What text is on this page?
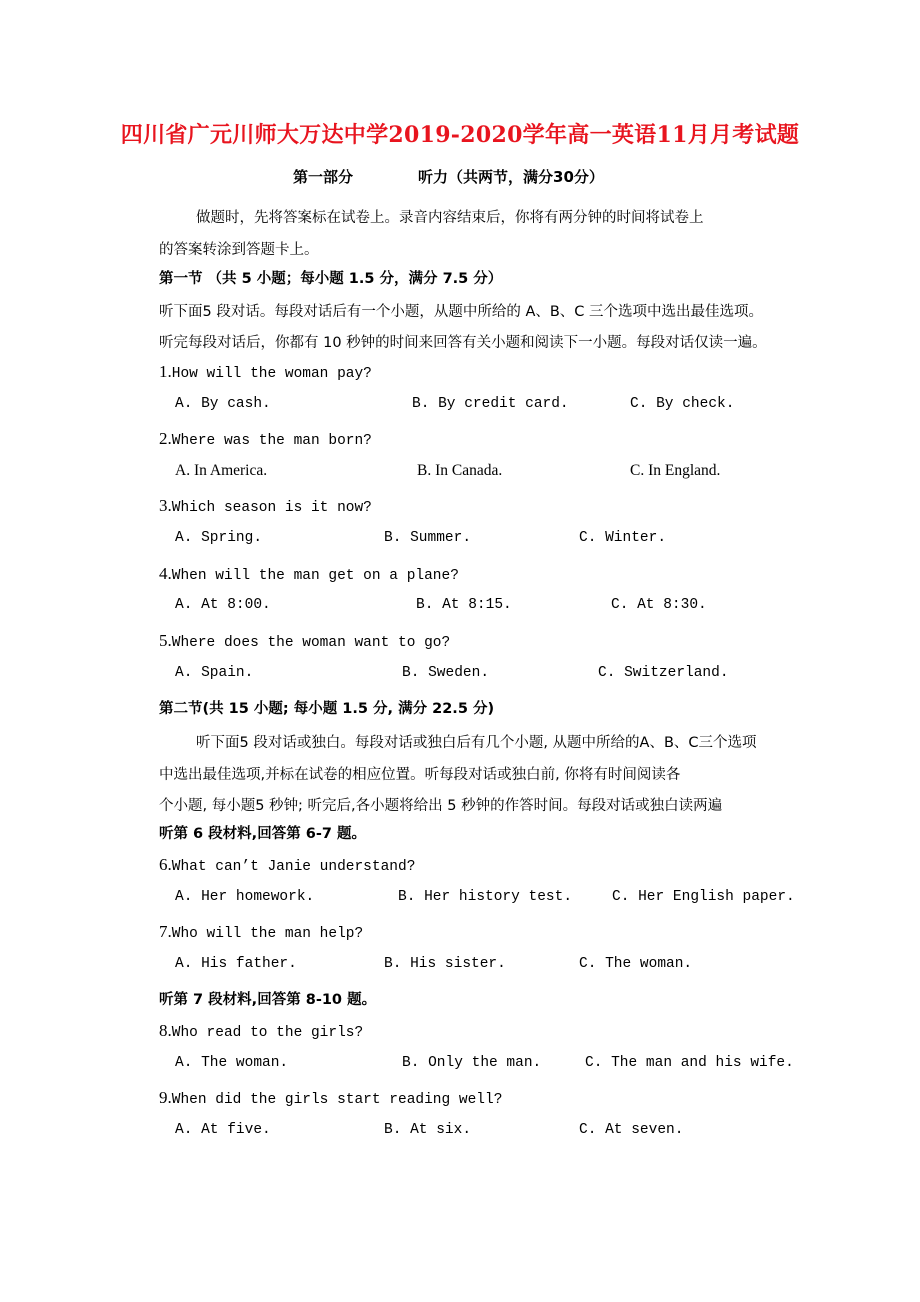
四川省广元川师大万达中学2019-2020学年高一英语11月月考试题
第一部分	听力（共两节，满分30分）
做题时，先将答案标在试卷上。录音内容结束后，你将有两分钟的时间将试卷上
的答案转涂到答题卡上。
第一节 （共 5 小题；每小题 1.5 分，满分 7.5 分）
听下面5 段对话。每段对话后有一个小题，从题中所给的 A、B、C 三个选项中选出最佳选项。
听完每段对话后，你都有 10 秒钟的时间来回答有关小题和阅读下一小题。每段对话仅读一遍。
1.How will the woman pay?
A. By cash.	B. By credit card.	C. By check.
2.Where was the man born?
A. In America.	B. In Canada.	C. In England.
3.Which season is it now?
A. Spring.	B. Summer.	C. Winter.
4.When will the man get on a plane?
A. At 8:00.	B. At 8:15.	C. At 8:30.
5.Where does the woman want to go?
A. Spain.	B. Sweden.	C. Switzerland.
第二节(共 15 小题; 每小题 1.5 分, 满分 22.5 分)
听下面5 段对话或独白。每段对话或独白后有几个小题, 从题中所给的A、B、C三个选项
中选出最佳选项,并标在试卷的相应位置。听每段对话或独白前, 你将有时间阅读各
个小题, 每小题5 秒钟; 听完后,各小题将给出 5 秒钟的作答时间。每段对话或独白读两遍
听第 6 段材料,回答第 6-7 题。
6.What can’t Janie understand?
A. Her homework.	B. Her history test.	C. Her English paper.
7.Who will the man help?
A. His father.	B. His sister.	C. The woman.
听第 7 段材料,回答第 8-10 题。
8.Who read to the girls?
A. The woman.	B. Only the man.	C. The man and his wife.
9.When did the girls start reading well?
A. At five.	B. At six.	C. At seven.
